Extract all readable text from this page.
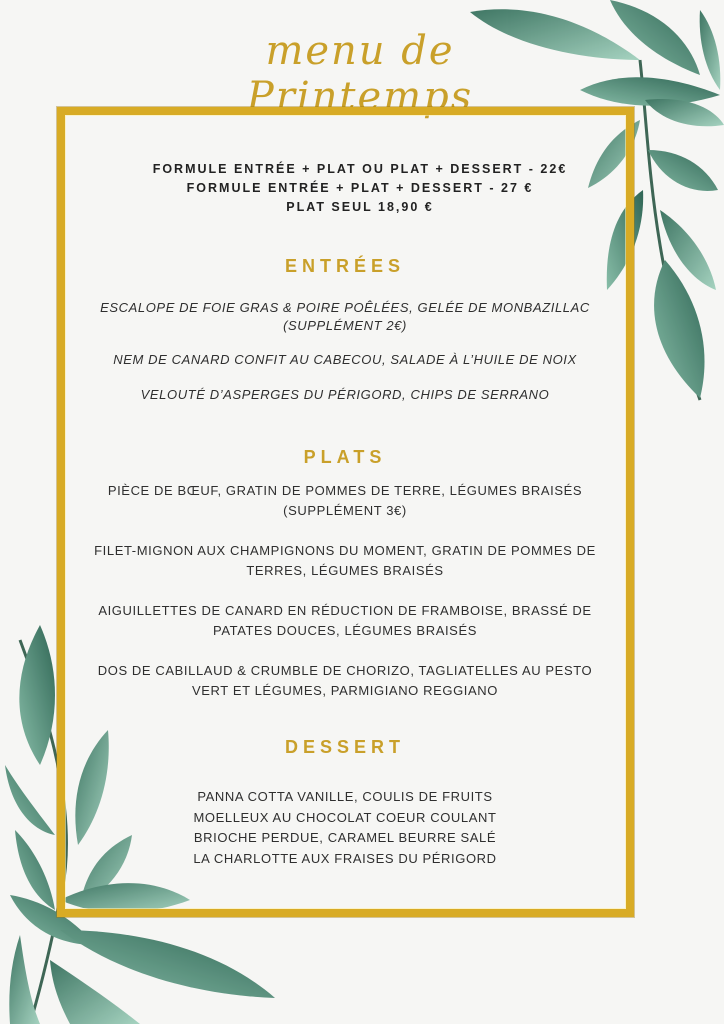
menu de Printemps
FORMULE ENTRÉE + PLAT OU PLAT + DESSERT - 22€
FORMULE ENTRÉE + PLAT + DESSERT - 27 €
PLAT SEUL 18,90 €
ENTRÉES
ESCALOPE DE FOIE GRAS & POIRE POÊLÉES, GELÉE DE MONBAZILLAC
(SUPPLÉMENT 2€)
NEM DE CANARD CONFIT AU CABECOU, SALADE À L’HUILE DE NOIX
VELOUTÉ D’ASPERGES DU PÉRIGORD, CHIPS DE SERRANO
PLATS
PIÈCE DE BŒUF, GRATIN DE POMMES DE TERRE, LÉGUMES BRAISÉS
(SUPPLÉMENT 3€)
FILET-MIGNON AUX CHAMPIGNONS DU MOMENT, GRATIN DE POMMES DE
TERRES, LÉGUMES BRAISÉS
AIGUILLETTES DE CANARD EN RÉDUCTION DE FRAMBOISE, BRASSÉ DE
PATATES DOUCES, LÉGUMES BRAISÉS
DOS DE CABILLAUD & CRUMBLE DE CHORIZO, TAGLIATELLES AU PESTO
VERT ET LÉGUMES, PARMIGIANO REGGIANO
DESSERT
PANNA COTTA VANILLE, COULIS DE FRUITS
MOELLEUX AU CHOCOLAT COEUR COULANT
BRIOCHE PERDUE, CARAMEL BEURRE SALÉ
LA CHARLOTTE AUX FRAISES DU PÉRIGORD
